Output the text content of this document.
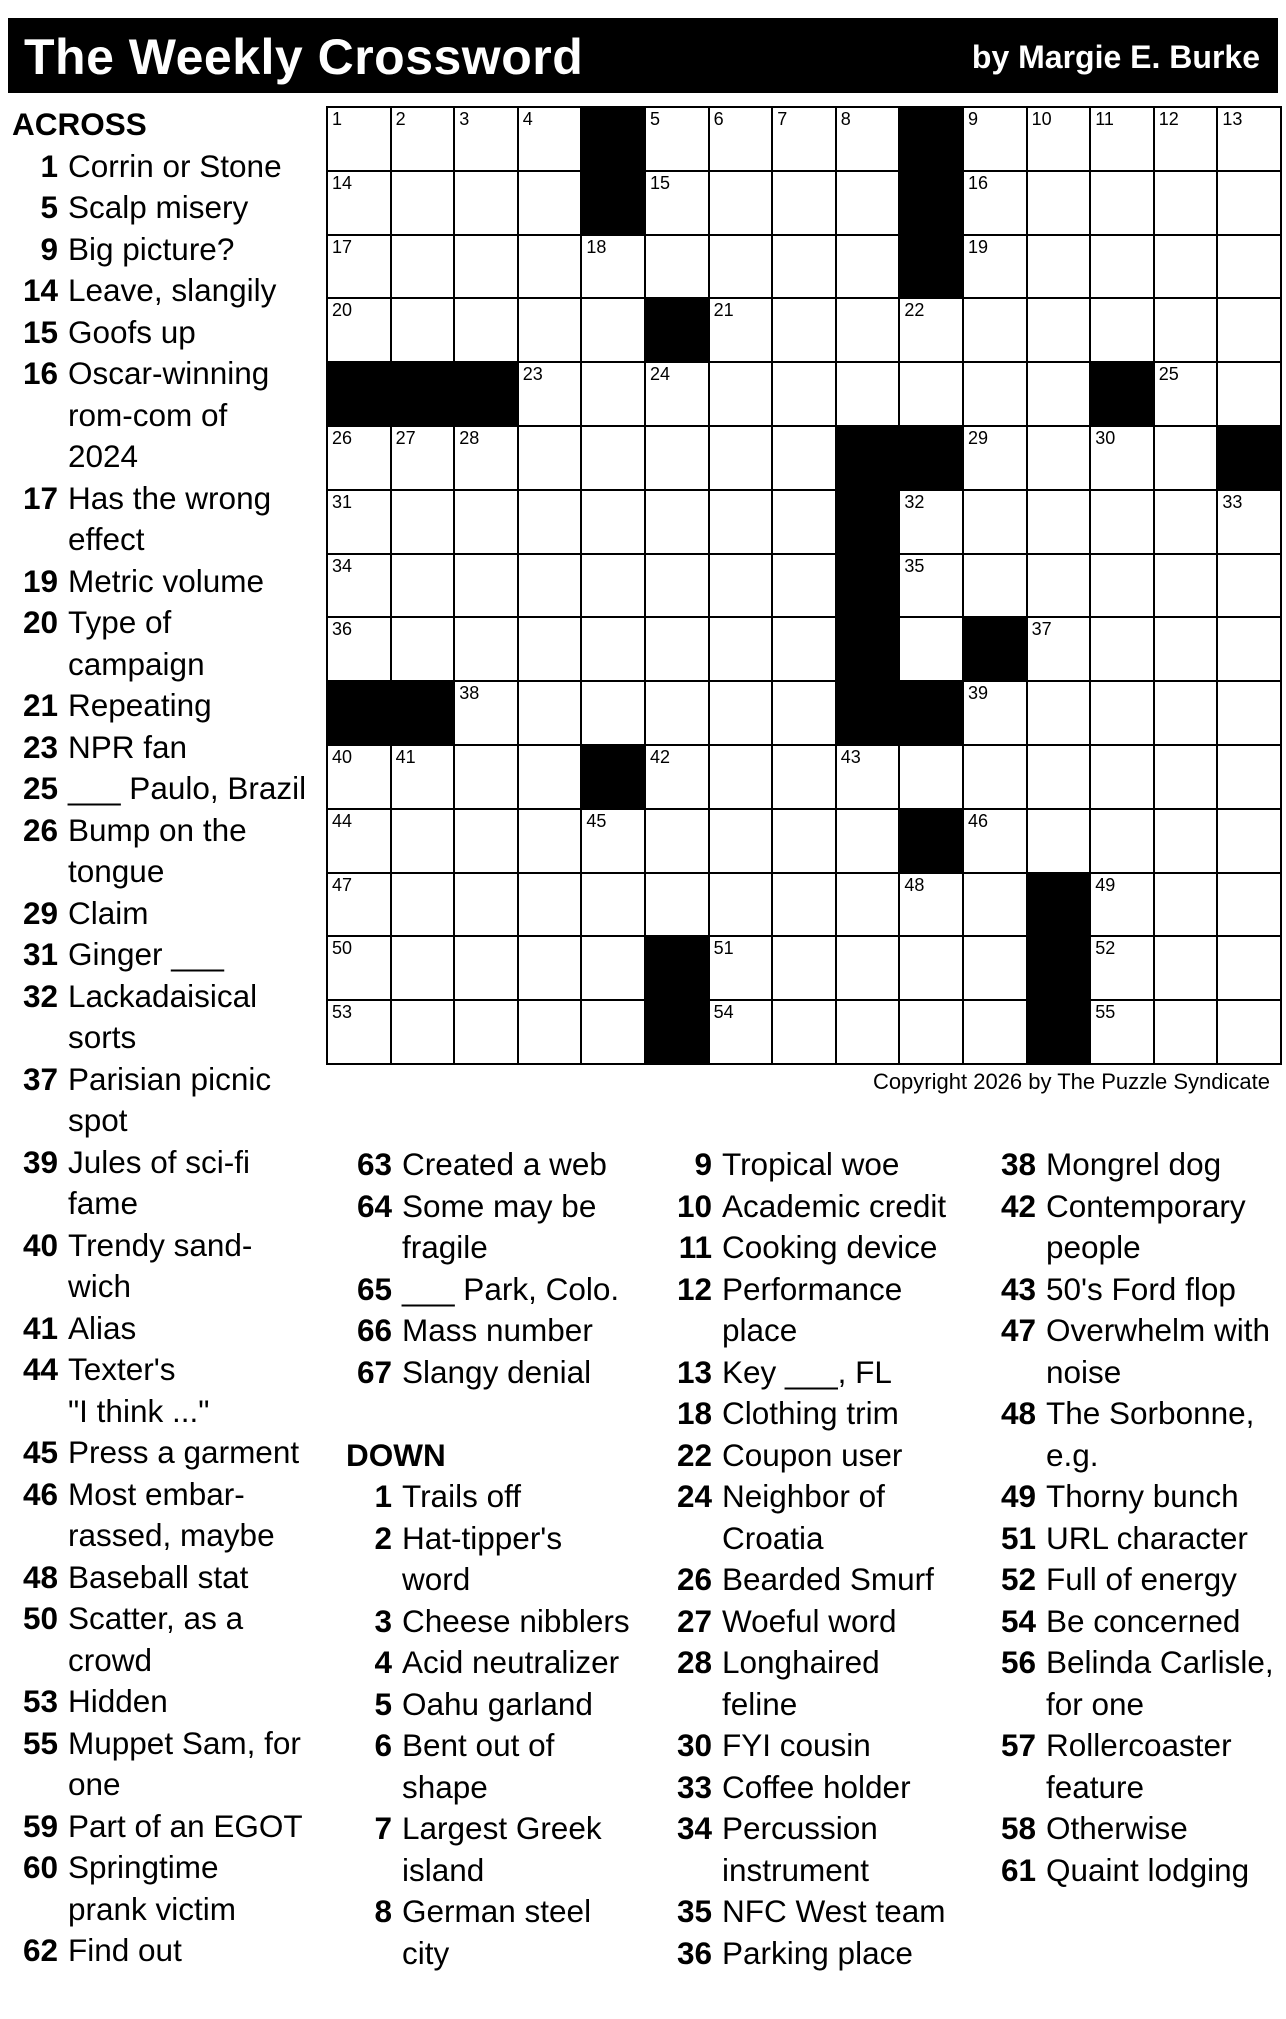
The Weekly Crossword	by Margie E. Burke
1	2	3	4	5	6	7	8	9	10 11 12 13
14	15	16
17	18	19
20	21	22
23	24	25
26 27 28	29	30
31	32	33
34	35
36	37
38	39
40 41	42	43
44	45	46
47	48	49
50	51	52
53	54	55
Copyright 2026 by The Puzzle Syndicate
ACROSS
1 Corrin or Stone
5 Scalp misery
9 Big picture?
14 Leave, slangily
15 Goofs up
16 Oscar-winning
rom-com of
2024
17 Has the wrong
effect
19 Metric volume
20 Type of
campaign
21 Repeating
23 NPR fan
25 ___ Paulo, Brazil
26 Bump on the
tongue
29 Claim
31 Ginger ___
32 Lackadaisical
sorts
37 Parisian picnic
spot
39 Jules of sci-fi
fame
40 Trendy sand-
wich
41 Alias
44 Texter's
"I think ..."
45 Press a garment
46 Most embar-
rassed, maybe
48 Baseball stat
50 Scatter, as a
crowd
53 Hidden
55 Muppet Sam, for
one
59 Part of an EGOT
60 Springtime
prank victim
62 Find out
63 Created a web
64 Some may be
fragile
65 ___ Park, Colo.
66 Mass number
67 Slangy denial
DOWN
1 Trails off
2 Hat-tipper's
word
3 Cheese nibblers
4 Acid neutralizer
5 Oahu garland
6 Bent out of
shape
7 Largest Greek
island
8 German steel
city
9 Tropical woe
10 Academic credit
11 Cooking device
12 Performance
place
13 Key ___, FL
18 Clothing trim
22 Coupon user
24 Neighbor of
Croatia
26 Bearded Smurf
27 Woeful word
28 Longhaired
feline
30 FYI cousin
33 Coffee holder
34 Percussion
instrument
35 NFC West team
36 Parking place
38 Mongrel dog
42 Contemporary
people
43 50's Ford flop
47 Overwhelm with
noise
48 The Sorbonne,
e.g.
49 Thorny bunch
51 URL character
52 Full of energy
54 Be concerned
56 Belinda Carlisle,
for one
57 Rollercoaster
feature
58 Otherwise
61 Quaint lodging
